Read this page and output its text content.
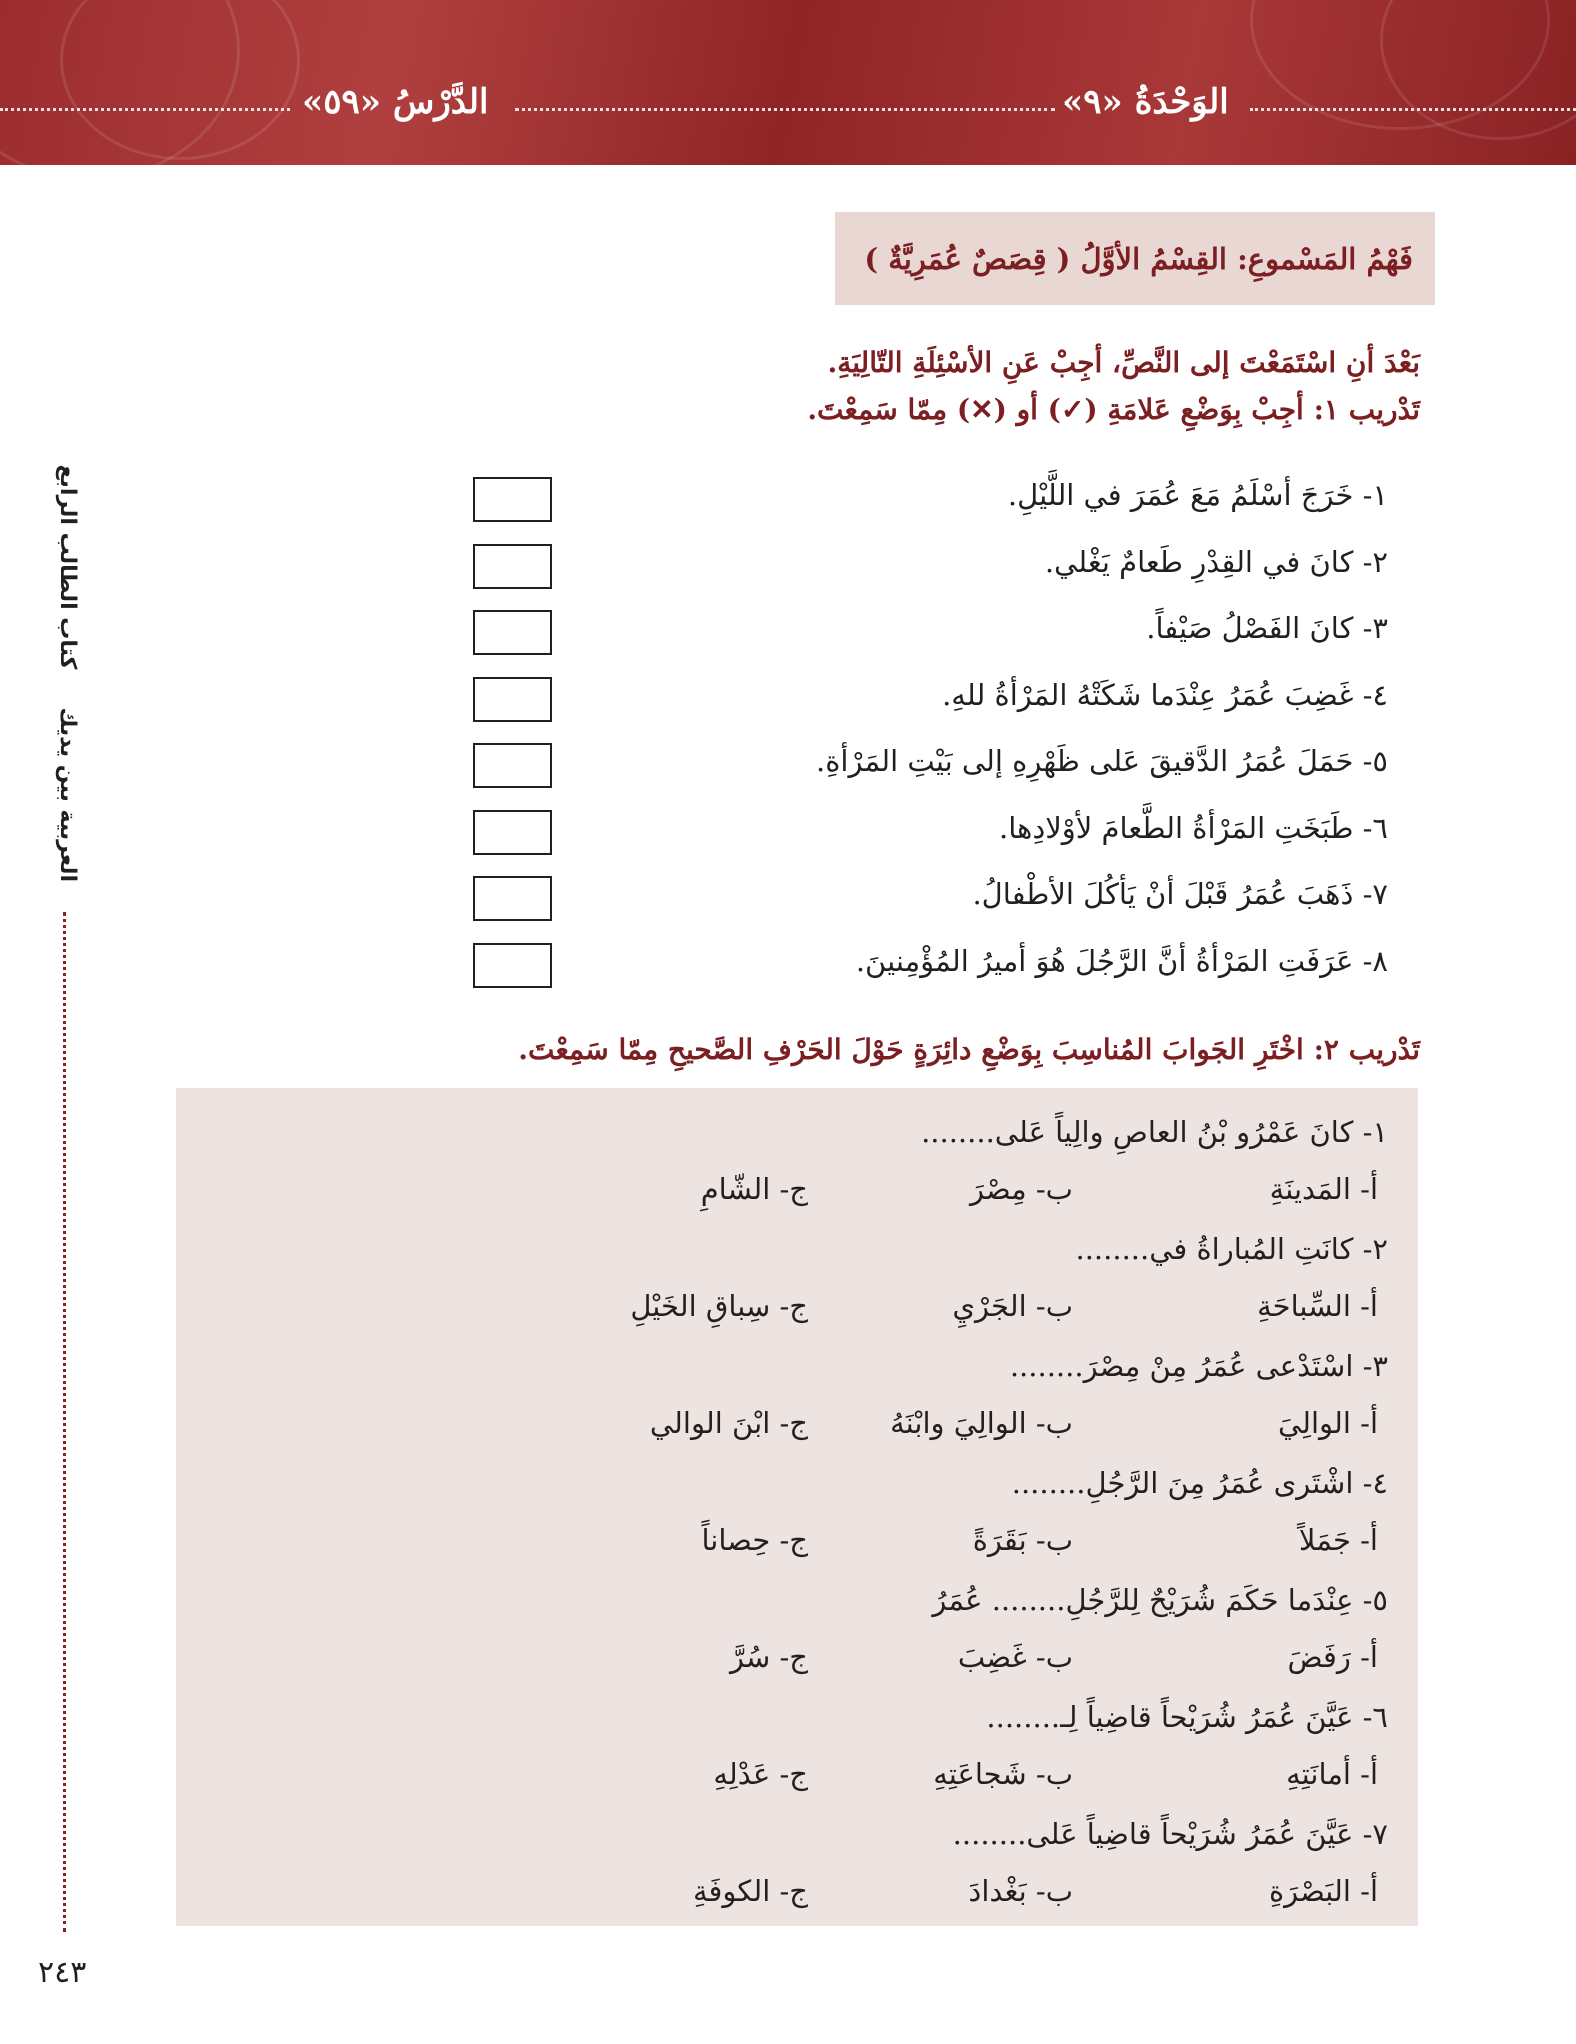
الدَّرْسُ «٥٩»	الوَحْدَةُ «٩»
فَهْمُ المَسْموعِ: القِسْمُ الأوَّلُ ( قِصَصٌ عُمَرِيَّةٌ )
بَعْدَ أنِ اسْتَمَعْتَ إلى النَّصِّ، أجِبْ عَنِ الأسْئِلَةِ التّالِيَةِ.
تَدْريب ١: أجِبْ بِوَضْعِ عَلامَةِ (✓) أو (✕) مِمّا سَمِعْتَ.
العربية بين يديك
كتاب الطالب الرابع	١- خَرَجَ أسْلَمُ مَعَ عُمَرَ في اللَّيْلِ.
٢- كانَ في القِدْرِ طَعامٌ يَغْلي.
٣- كانَ الفَصْلُ صَيْفاً.
٤- غَضِبَ عُمَرُ عِنْدَما شَكَتْهُ المَرْأةُ للهِ.
٥- حَمَلَ عُمَرُ الدَّقيقَ عَلى ظَهْرِهِ إلى بَيْتِ المَرْأةِ.
٦- طَبَخَتِ المَرْأةُ الطَّعامَ لأوْلادِها.
٧- ذَهَبَ عُمَرُ قَبْلَ أنْ يَأكُلَ الأطْفالُ.
٨- عَرَفَتِ المَرْأةُ أنَّ الرَّجُلَ هُوَ أميرُ المُؤْمِنينَ.
تَدْريب ٢: اخْتَرِ الجَوابَ المُناسِبَ بِوَضْعِ دائِرَةٍ حَوْلَ الحَرْفِ الصَّحيحِ مِمّا سَمِعْتَ.
١- كانَ عَمْرُو بْنُ العاصِ والِياً عَلى........
أ- المَدينَةِ
ب- مِصْرَ
ج- الشّامِ
٢- كانَتِ المُباراةُ في........
أ- السِّباحَةِ
ب- الجَرْيِ
ج- سِباقِ الخَيْلِ
٣- اسْتَدْعى عُمَرُ مِنْ مِصْرَ........
أ- الوالِيَ
ب- الوالِيَ وابْنَهُ
ج- ابْنَ الوالي
٤- اشْتَرى عُمَرُ مِنَ الرَّجُلِ........
أ- جَمَلاً
ب- بَقَرَةً
ج- حِصاناً
٥- عِنْدَما حَكَمَ شُرَيْحٌ لِلرَّجُلِ........ عُمَرُ
أ- رَفَضَ
ب- غَضِبَ
ج- سُرَّ
٦- عَيَّنَ عُمَرُ شُرَيْحاً قاضِياً لِـ........
أ- أمانَتِهِ
ب- شَجاعَتِهِ
ج- عَدْلِهِ
٧- عَيَّنَ عُمَرُ شُرَيْحاً قاضِياً عَلى........
أ- البَصْرَةِ
ب- بَغْدادَ
ج- الكوفَةِ
٢٤٣
